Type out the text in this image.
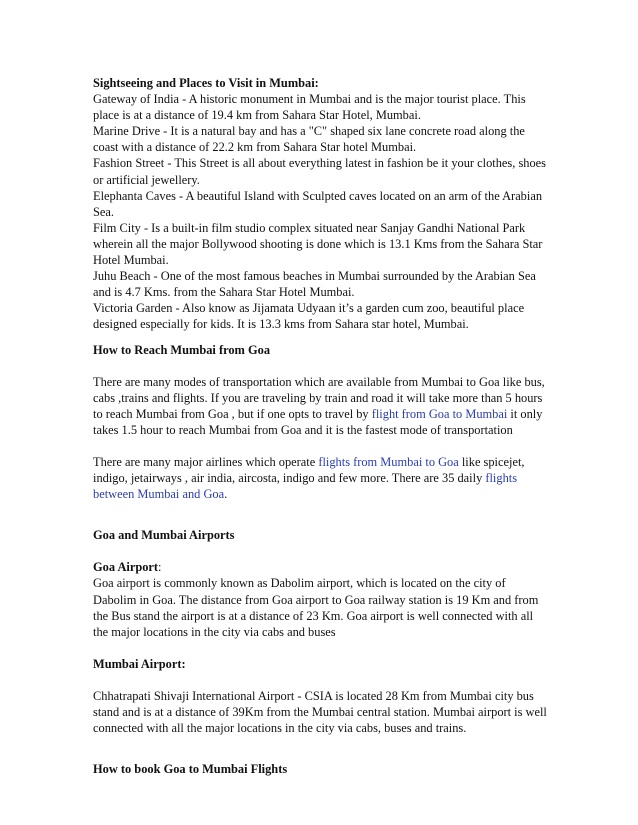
Sightseeing and Places to Visit in Mumbai:

Gateway of India - A historic monument in Mumbai and is the major tourist place. This place is at a distance of 19.4 km from Sahara Star Hotel, Mumbai.

Marine Drive - It is a natural bay and has a "C" shaped six lane concrete road along the coast with a distance of 22.2 km from Sahara Star hotel Mumbai.

Fashion Street - This Street is all about everything latest in fashion be it your clothes, shoes or artificial jewellery.

Elephanta Caves - A beautiful Island with Sculpted caves located on an arm of the Arabian Sea.

Film City - Is a built-in film studio complex situated near Sanjay Gandhi National Park wherein all the major Bollywood shooting is done which is 13.1 Kms from the Sahara Star Hotel Mumbai.

Juhu Beach - One of the most famous beaches in Mumbai surrounded by the Arabian Sea and is 4.7 Kms. from the Sahara Star Hotel Mumbai.

Victoria Garden - Also know as Jijamata Udyaan it’s a garden cum zoo, beautiful place designed especially for kids. It is 13.3 kms from Sahara star hotel, Mumbai.

How to Reach Mumbai from Goa

There are many modes of transportation which are available from Mumbai to Goa like bus, cabs ,trains and flights. If you are traveling by train and road it will take more than 5 hours to reach Mumbai from Goa , but if one opts to travel by flight from Goa to Mumbai it only takes 1.5 hour to reach Mumbai from Goa and it is the fastest mode of transportation

There are many major airlines which operate flights from Mumbai to Goa like spicejet, indigo, jetairways , air india, aircosta, indigo and few more. There are 35 daily flights between Mumbai and Goa.

Goa and Mumbai Airports

Goa Airport:

Goa airport is commonly known as Dabolim airport, which is located on the city of Dabolim in Goa. The distance from Goa airport to Goa railway station is 19 Km and from the Bus stand the airport is at a distance of 23 Km. Goa airport is well connected with all the major locations in the city via cabs and buses

Mumbai Airport:

Chhatrapati Shivaji International Airport - CSIA is located 28 Km from Mumbai city bus stand and is at a distance of 39Km from the Mumbai central station. Mumbai airport is well connected with all the major locations in the city via cabs, buses and trains.

How to book Goa to Mumbai Flights
